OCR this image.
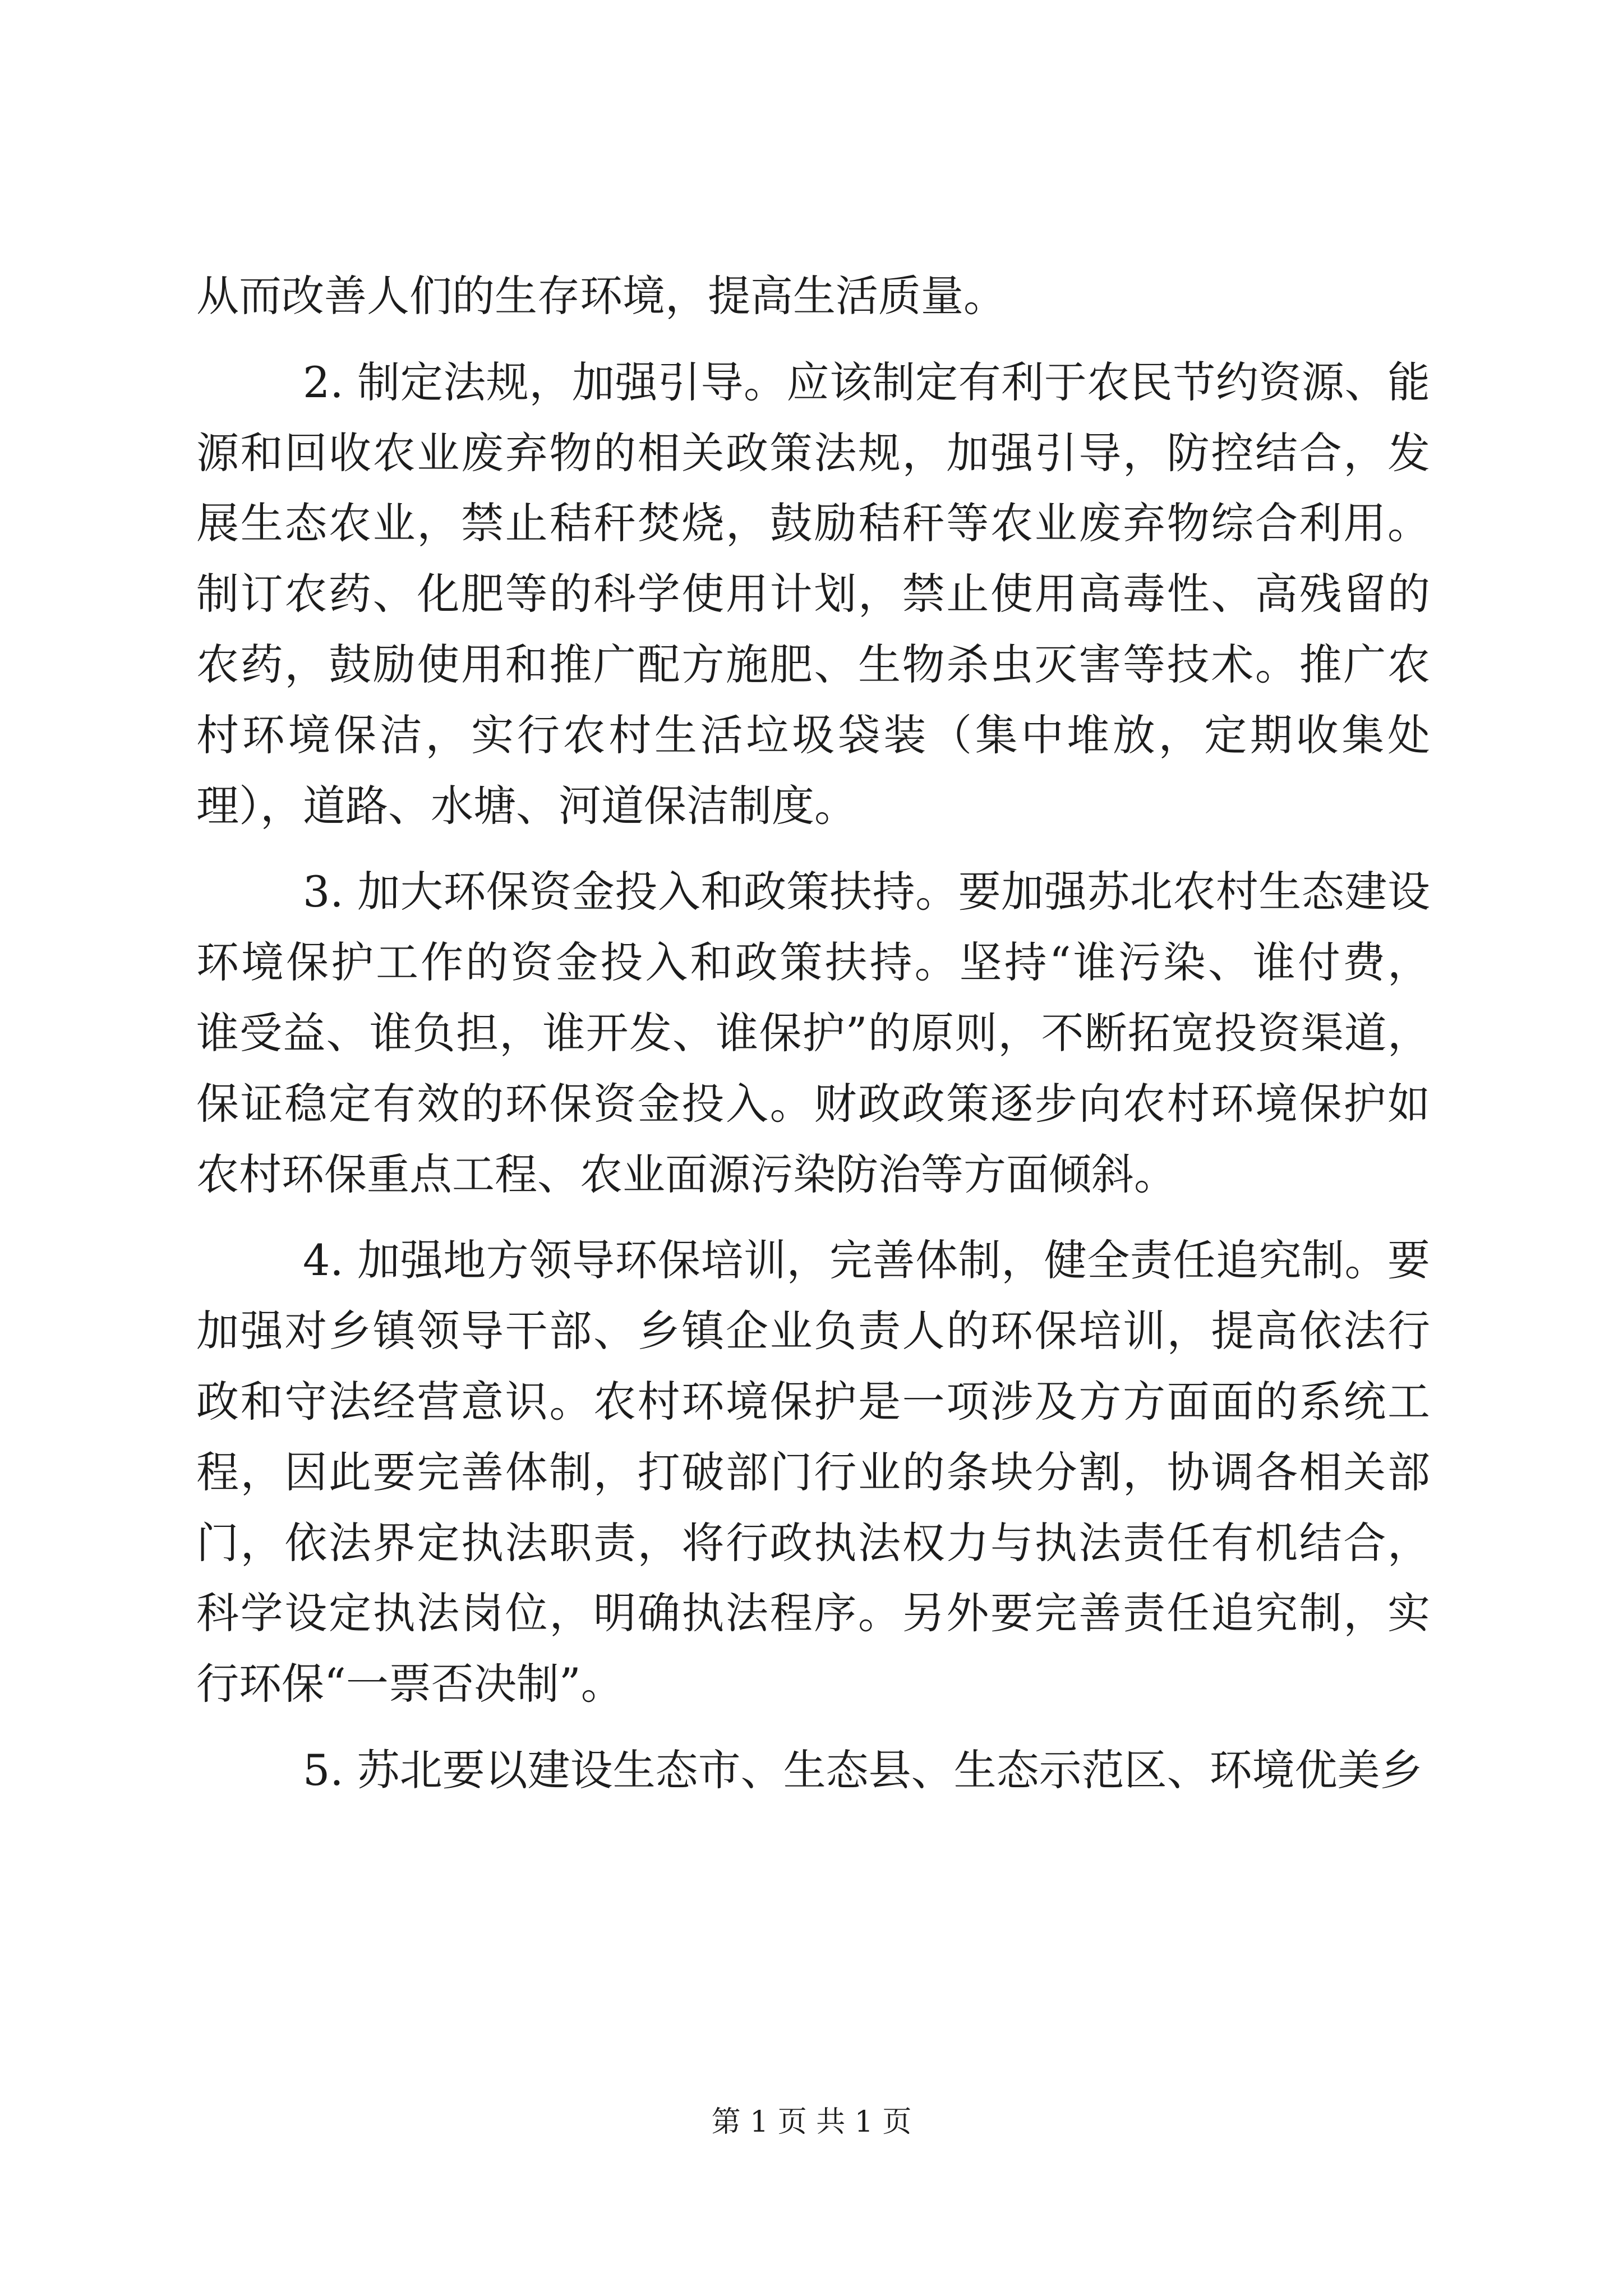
从而改善人们的生存环境，提高生活质量。
2. 制定法规，加强引导。应该制定有利于农民节约资源、能
源和回收农业废弃物的相关政策法规，加强引导，防控结合，发
展生态农业，禁止秸秆焚烧，鼓励秸秆等农业废弃物综合利用。
制订农药、化肥等的科学使用计划，禁止使用高毒性、高残留的
农药，鼓励使用和推广配方施肥、生物杀虫灭害等技术。推广农
村环境保洁，实行农村生活垃圾袋装（集中堆放，定期收集处
理），道路、水塘、河道保洁制度。
3. 加大环保资金投入和政策扶持。要加强苏北农村生态建设
环境保护工作的资金投入和政策扶持。坚持“谁污染、谁付费，
谁受益、谁负担，谁开发、谁保护”的原则，不断拓宽投资渠道，
保证稳定有效的环保资金投入。财政政策逐步向农村环境保护如
农村环保重点工程、农业面源污染防治等方面倾斜。
4. 加强地方领导环保培训，完善体制，健全责任追究制。要
加强对乡镇领导干部、乡镇企业负责人的环保培训，提高依法行
政和守法经营意识。农村环境保护是一项涉及方方面面的系统工
程，因此要完善体制，打破部门行业的条块分割，协调各相关部
门，依法界定执法职责，将行政执法权力与执法责任有机结合，
科学设定执法岗位，明确执法程序。另外要完善责任追究制，实
行环保“一票否决制”。
5. 苏北要以建设生态市、生态县、生态示范区、环境优美乡
第 1 页 共 1 页
